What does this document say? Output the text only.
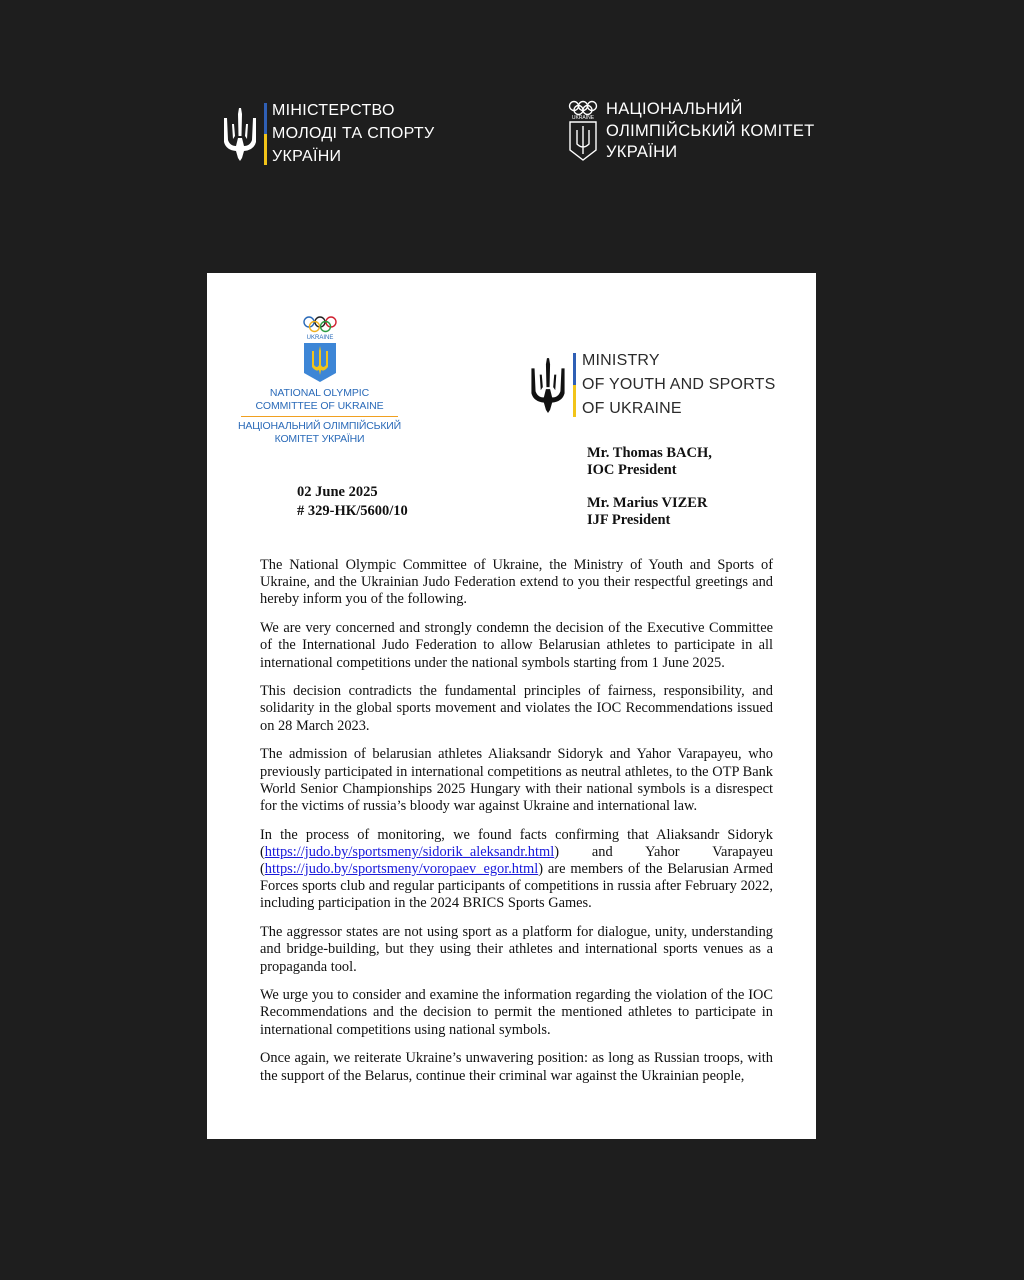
МІНІСТЕРСТВО
МОЛОДІ ТА СПОРТУ
УКРАЇНИ
UKRAINE
НАЦІОНАЛЬНИЙ
ОЛІМПІЙСЬКИЙ КОМІТЕТ
УКРАЇНИ
UKRAINE
NATIONAL OLYMPIC
COMMITTEE OF UKRAINE
НАЦІОНАЛЬНИЙ ОЛІМПІЙСЬКИЙ
КОМІТЕТ УКРАЇНИ
MINISTRY
OF YOUTH AND SPORTS
OF UKRAINE
Mr. Thomas BACH,
IOC President
Mr. Marius VIZER
IJF President
02 June 2025
# 329-НК/5600/10

The National Olympic Committee of Ukraine, the Ministry of Youth and Sports of Ukraine, and the Ukrainian Judo Federation extend to you their respectful greetings and hereby inform you of the following.

We are very concerned and strongly condemn the decision of the Executive Committee of the International Judo Federation to allow Belarusian athletes to participate in all international competitions under the national symbols starting from 1 June 2025.

This decision contradicts the fundamental principles of fairness, responsibility, and solidarity in the global sports movement and violates the IOC Recommendations issued on 28 March 2023.

The admission of belarusian athletes Aliaksandr Sidoryk and Yahor Varapayeu, who previously participated in international competitions as neutral athletes, to the OTP Bank World Senior Championships 2025 Hungary with their national symbols is a disrespect for the victims of russia’s bloody war against Ukraine and international law.

In the process of monitoring, we found facts confirming that Aliaksandr Sidoryk (https://judo.by/sportsmeny/sidorik_aleksandr.html) and Yahor Varapayeu (https://judo.by/sportsmeny/voropaev_egor.html) are members of the Belarusian Armed Forces sports club and regular participants of competitions in russia after February 2022, including participation in the 2024 BRICS Sports Games.

The aggressor states are not using sport as a platform for dialogue, unity, understanding and bridge-building, but they using their athletes and international sports venues as a propaganda tool.

We urge you to consider and examine the information regarding the violation of the IOC Recommendations and the decision to permit the mentioned athletes to participate in international competitions using national symbols.

Once again, we reiterate Ukraine’s unwavering position: as long as Russian troops, with the support of the Belarus, continue their criminal war against the Ukrainian people,
